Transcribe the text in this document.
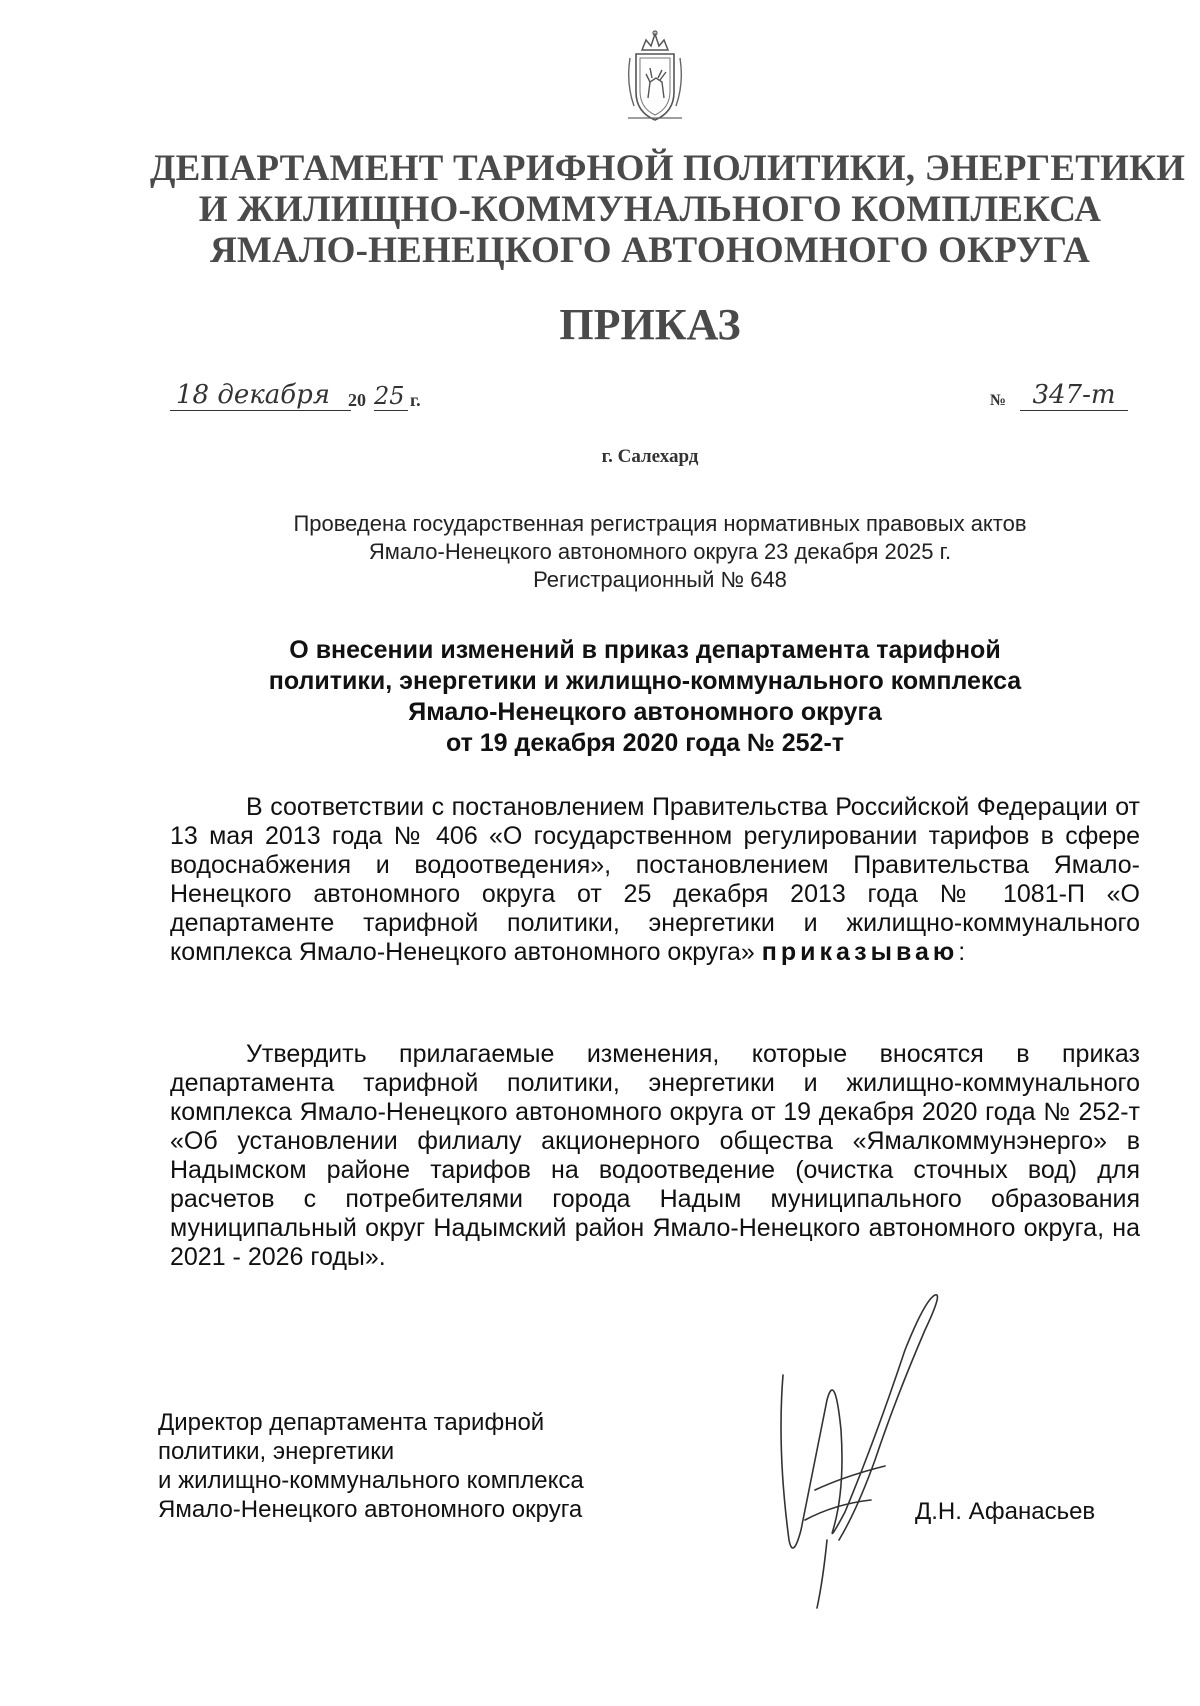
ДЕПАРТАМЕНТ ТАРИФНОЙ ПОЛИТИКИ, ЭНЕРГЕТИКИ
И ЖИЛИЩНО-КОММУНАЛЬНОГО КОМПЛЕКСА
ЯМАЛО-НЕНЕЦКОГО АВТОНОМНОГО ОКРУГА
ПРИКАЗ
18 декабря	20 25 г.	№	347-т
г. Салехард
Проведена государственная регистрация нормативных правовых актов
Ямало-Ненецкого автономного округа 23 декабря 2025 г.
Регистрационный № 648
О внесении изменений в приказ департамента тарифной
политики, энергетики и жилищно-коммунального комплекса
Ямало-Ненецкого автономного округа
от 19 декабря 2020 года № 252-т
В соответствии с постановлением Правительства Российской Федерации от 13 мая 2013 года № 406 «О государственном регулировании тарифов в сфере водоснабжения и водоотведения», постановлением Правительства Ямало-Ненецкого автономного округа от 25 декабря 2013 года № 1081-П «О департаменте тарифной политики, энергетики и жилищно-коммунального комплекса Ямало-Ненецкого автономного округа» приказываю:
Утвердить прилагаемые изменения, которые вносятся в приказ департамента тарифной политики, энергетики и жилищно-коммунального комплекса Ямало-Ненецкого автономного округа от 19 декабря 2020 года № 252-т «Об установлении филиалу акционерного общества «Ямалкоммунэнерго» в Надымском районе тарифов на водоотведение (очистка сточных вод) для расчетов с потребителями города Надым муниципального образования муниципальный округ Надымский район Ямало-Ненецкого автономного округа, на 2021 - 2026 годы».
Директор департамента тарифной
политики, энергетики
и жилищно-коммунального комплекса
Ямало-Ненецкого автономного округа	Д.Н. Афанасьев
